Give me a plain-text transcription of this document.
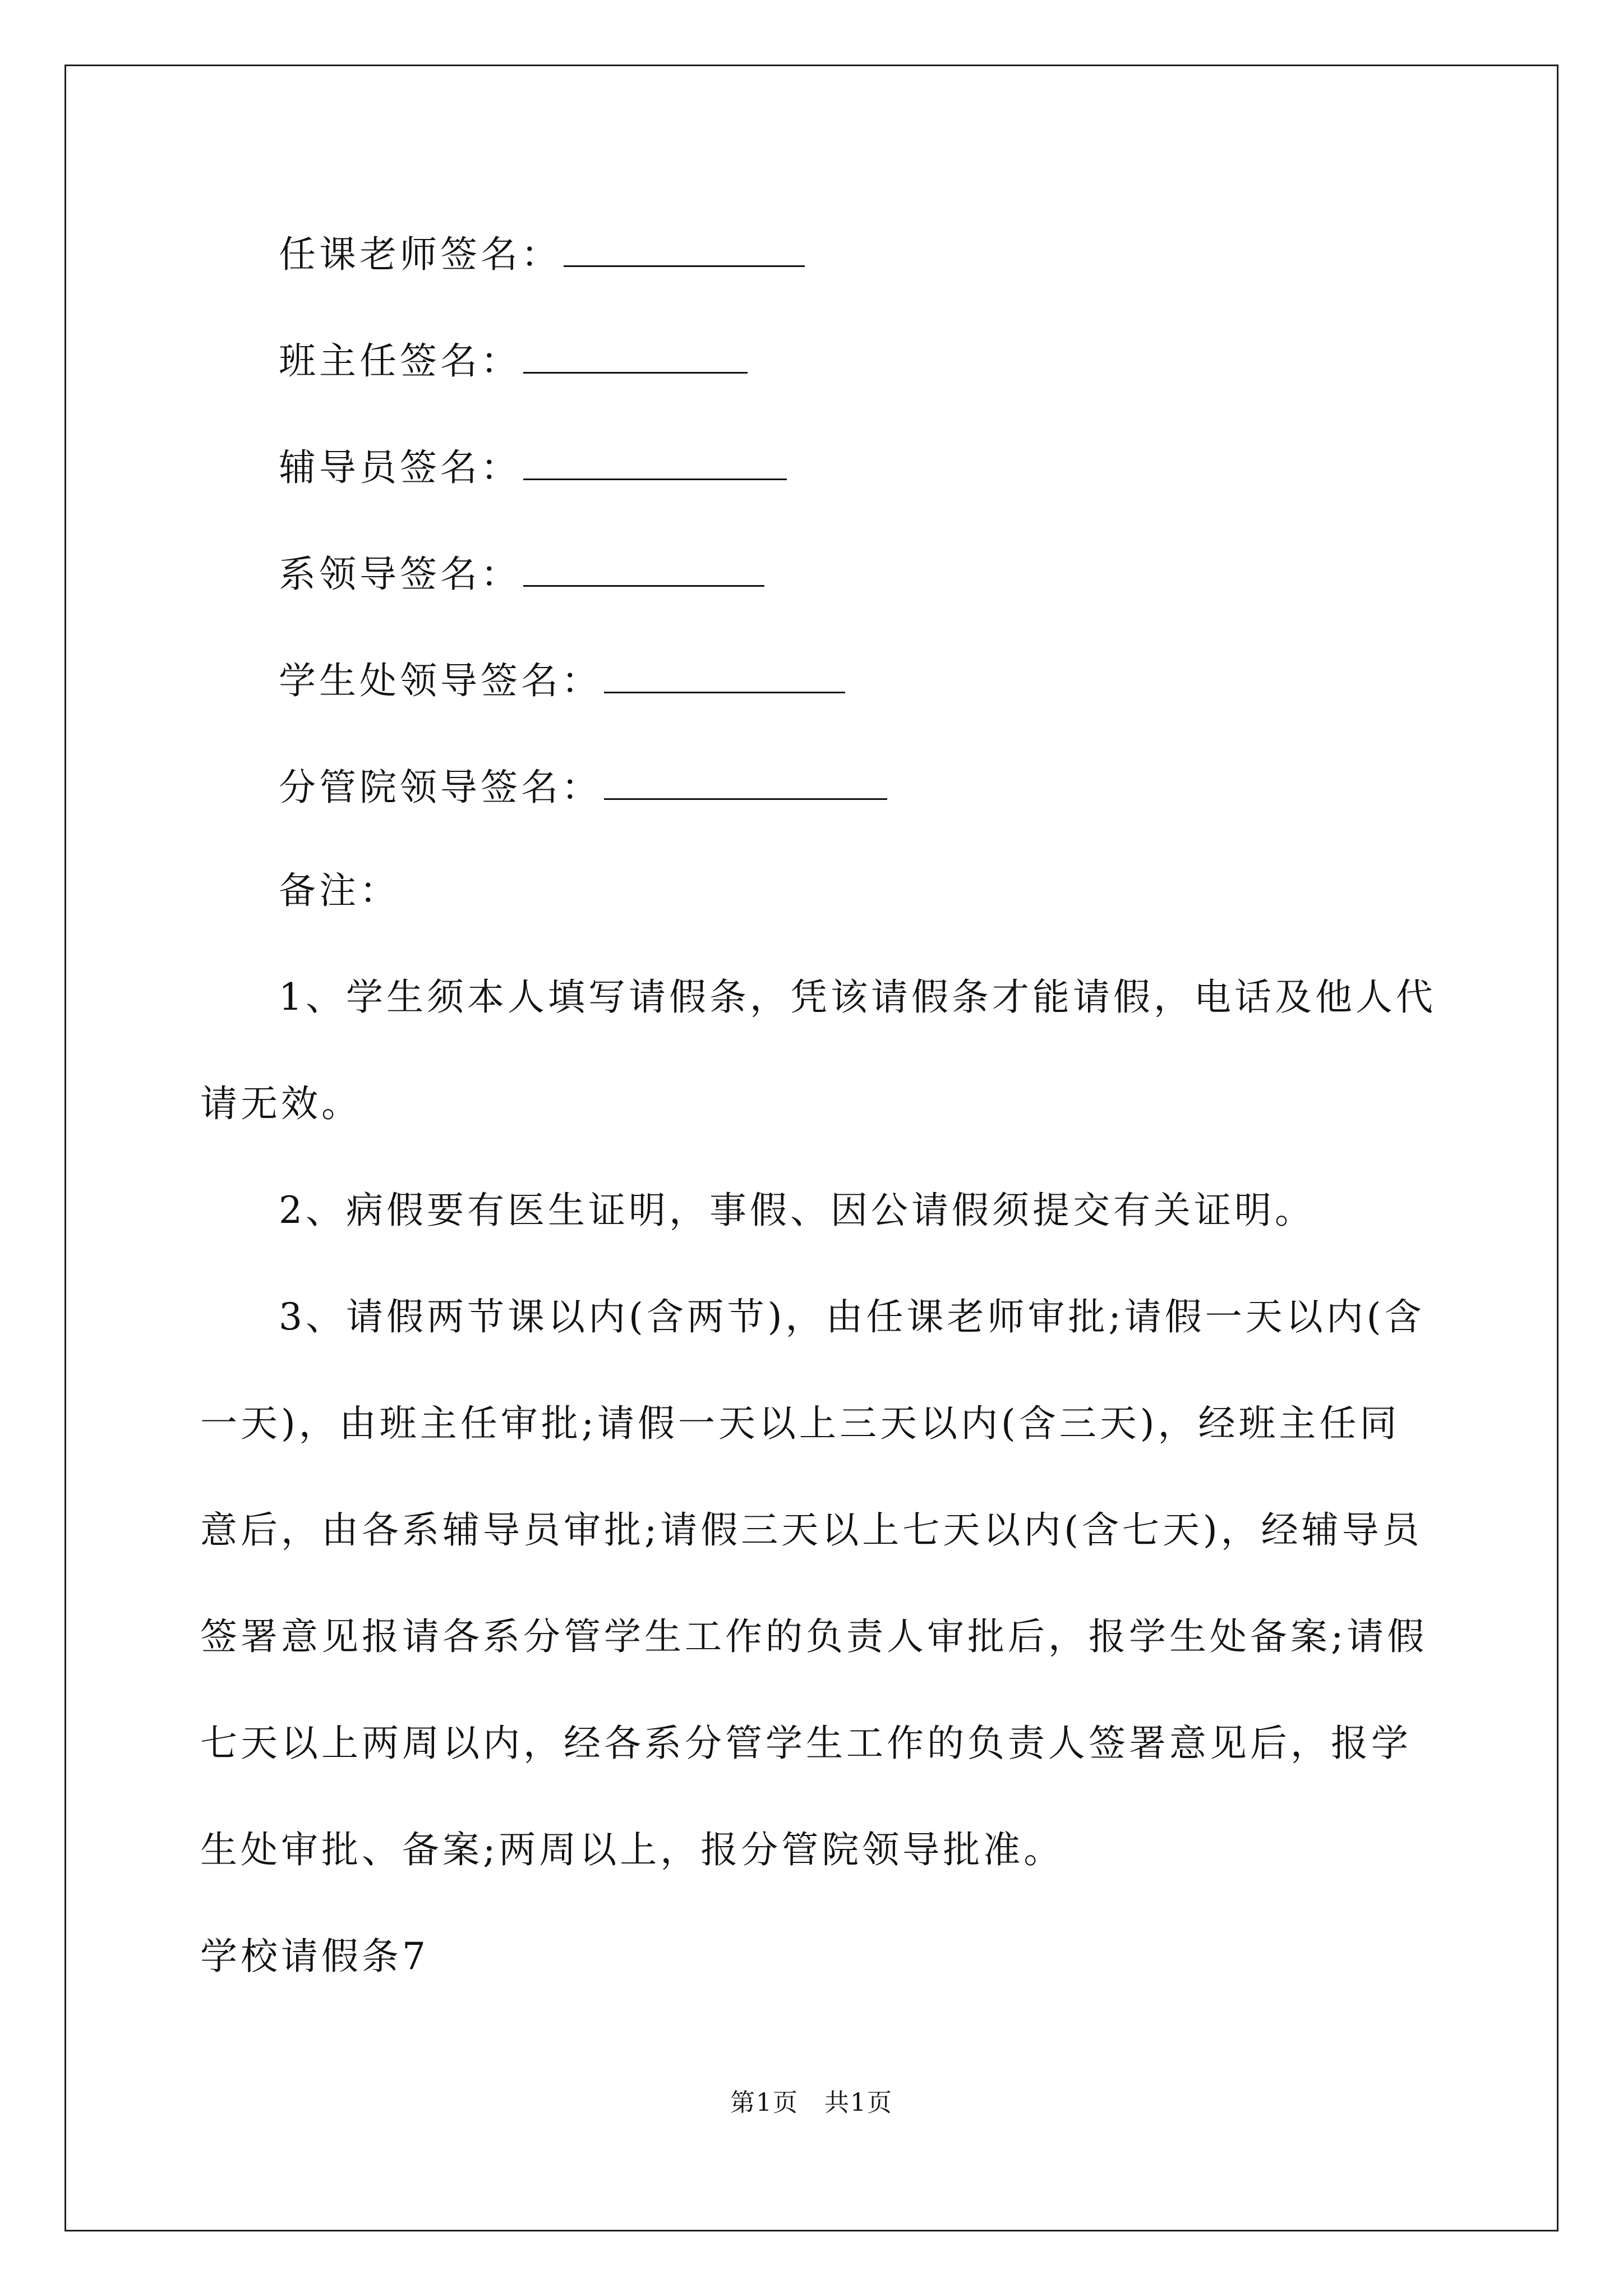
任课老师签名：
班主任签名：
辅导员签名：
系领导签名：
学生处领导签名：
分管院领导签名：
备注：
1、学生须本人填写请假条，凭该请假条才能请假，电话及他人代
请无效。
2、病假要有医生证明，事假、因公请假须提交有关证明。
3、请假两节课以内(含两节)，由任课老师审批;请假一天以内(含
一天)，由班主任审批;请假一天以上三天以内(含三天)，经班主任同
意后，由各系辅导员审批;请假三天以上七天以内(含七天)，经辅导员
签署意见报请各系分管学生工作的负责人审批后，报学生处备案;请假
七天以上两周以内，经各系分管学生工作的负责人签署意见后，报学
生处审批、备案;两周以上，报分管院领导批准。
学校请假条7
第1页　共1页
